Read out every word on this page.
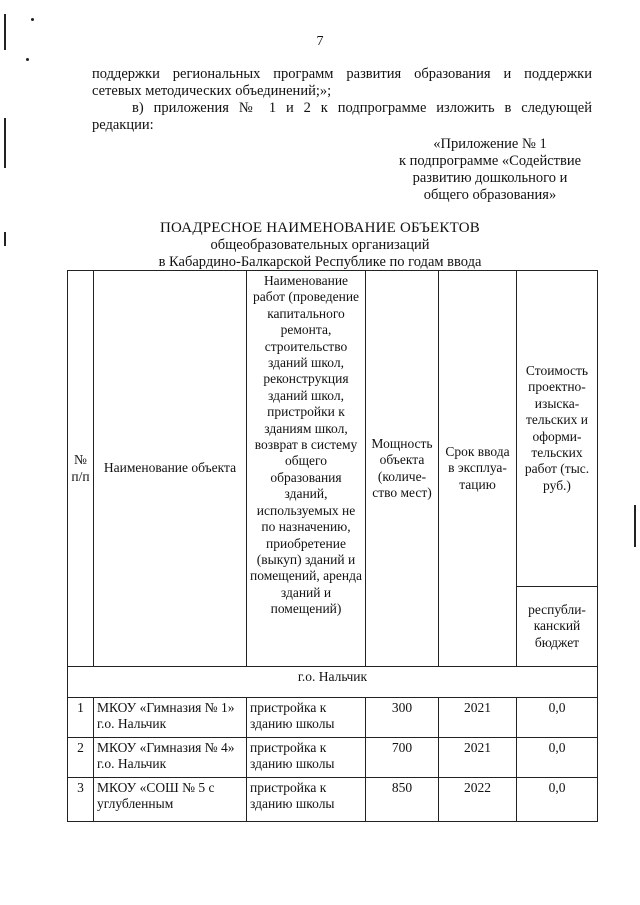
7
поддержки региональных программ развития образования и поддержки
сетевых методических объединений;»;
в) приложения № 1 и 2 к подпрограмме изложить в следующей
редакции:
«Приложение № 1
к подпрограмме «Содействие
развитию дошкольного и
общего образования»
ПОАДРЕСНОЕ НАИМЕНОВАНИЕ ОБЪЕКТОВ
общеобразовательных организаций
в Кабардино-Балкарской Республике по годам ввода
№ п/п	Наименование объекта	Наименование работ (проведение капитального ремонта, строительство зданий школ, реконструкция зданий школ, пристройки к зданиям школ, возврат в систему общего образования зданий, используемых не по назначению, приобретение (выкуп) зданий и помещений, аренда зданий и помещений)	Мощность объекта (количе-ство мест)	Срок ввода в эксплуа-тацию	Стоимость проектно-изыска-тельских и оформи-тельских работ (тыс. руб.)
					республи-канский бюджет
г.о. Нальчик					
1	МКОУ «Гимназия № 1» г.о. Нальчик	пристройка к зданию школы	300	2021	0,0
2	МКОУ «Гимназия № 4» г.о. Нальчик	пристройка к зданию школы	700	2021	0,0
3	МКОУ «СОШ № 5 с углубленным	пристройка к зданию школы	850	2022	0,0
